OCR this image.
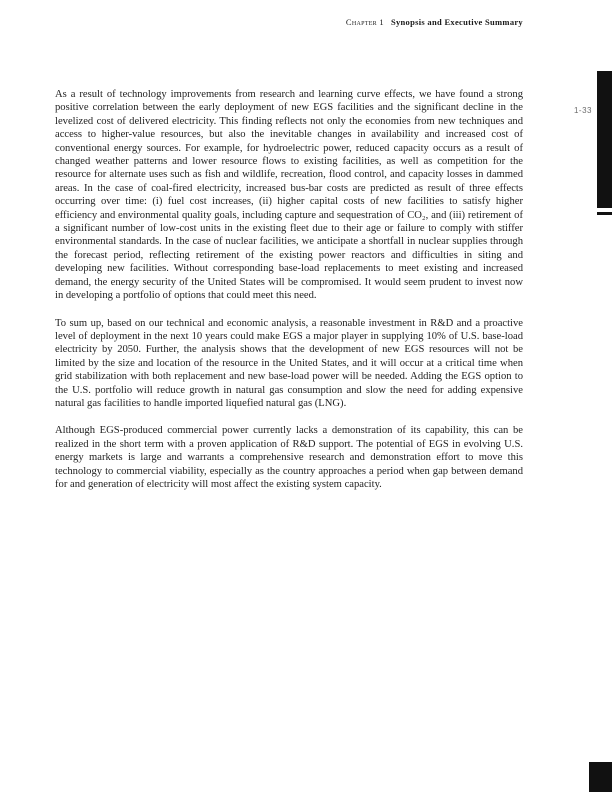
Chapter 1 Synopsis and Executive Summary

As a result of technology improvements from research and learning curve effects, we have found a strong positive correlation between the early deployment of new EGS facilities and the significant decline in the levelized cost of delivered electricity. This finding reflects not only the economies from new techniques and access to higher-value resources, but also the inevitable changes in availability and increased cost of conventional energy sources. For example, for hydroelectric power, reduced capacity occurs as a result of changed weather patterns and lower resource flows to existing facilities, as well as competition for the resource for alternate uses such as fish and wildlife, recreation, flood control, and capacity losses in dammed areas. In the case of coal-fired electricity, increased bus-bar costs are predicted as result of three effects occurring over time: (i) fuel cost increases, (ii) higher capital costs of new facilities to satisfy higher efficiency and environmental quality goals, including capture and sequestration of CO₂, and (iii) retirement of a significant number of low-cost units in the existing fleet due to their age or failure to comply with stiffer environmental standards. In the case of nuclear facilities, we anticipate a shortfall in nuclear supplies through the forecast period, reflecting retirement of the existing power reactors and difficulties in siting and developing new facilities. Without corresponding base-load replacements to meet existing and increased demand, the energy security of the United States will be compromised. It would seem prudent to invest now in developing a portfolio of options that could meet this need.

To sum up, based on our technical and economic analysis, a reasonable investment in R&D and a proactive level of deployment in the next 10 years could make EGS a major player in supplying 10% of U.S. base-load electricity by 2050. Further, the analysis shows that the development of new EGS resources will not be limited by the size and location of the resource in the United States, and it will occur at a critical time when grid stabilization with both replacement and new base-load power will be needed. Adding the EGS option to the U.S. portfolio will reduce growth in natural gas consumption and slow the need for adding expensive natural gas facilities to handle imported liquefied natural gas (LNG).

Although EGS-produced commercial power currently lacks a demonstration of its capability, this can be realized in the short term with a proven application of R&D support. The potential of EGS in evolving U.S. energy markets is large and warrants a comprehensive research and demonstration effort to move this technology to commercial viability, especially as the country approaches a period when gap between demand for and generation of electricity will most affect the existing system capacity.

1-33
